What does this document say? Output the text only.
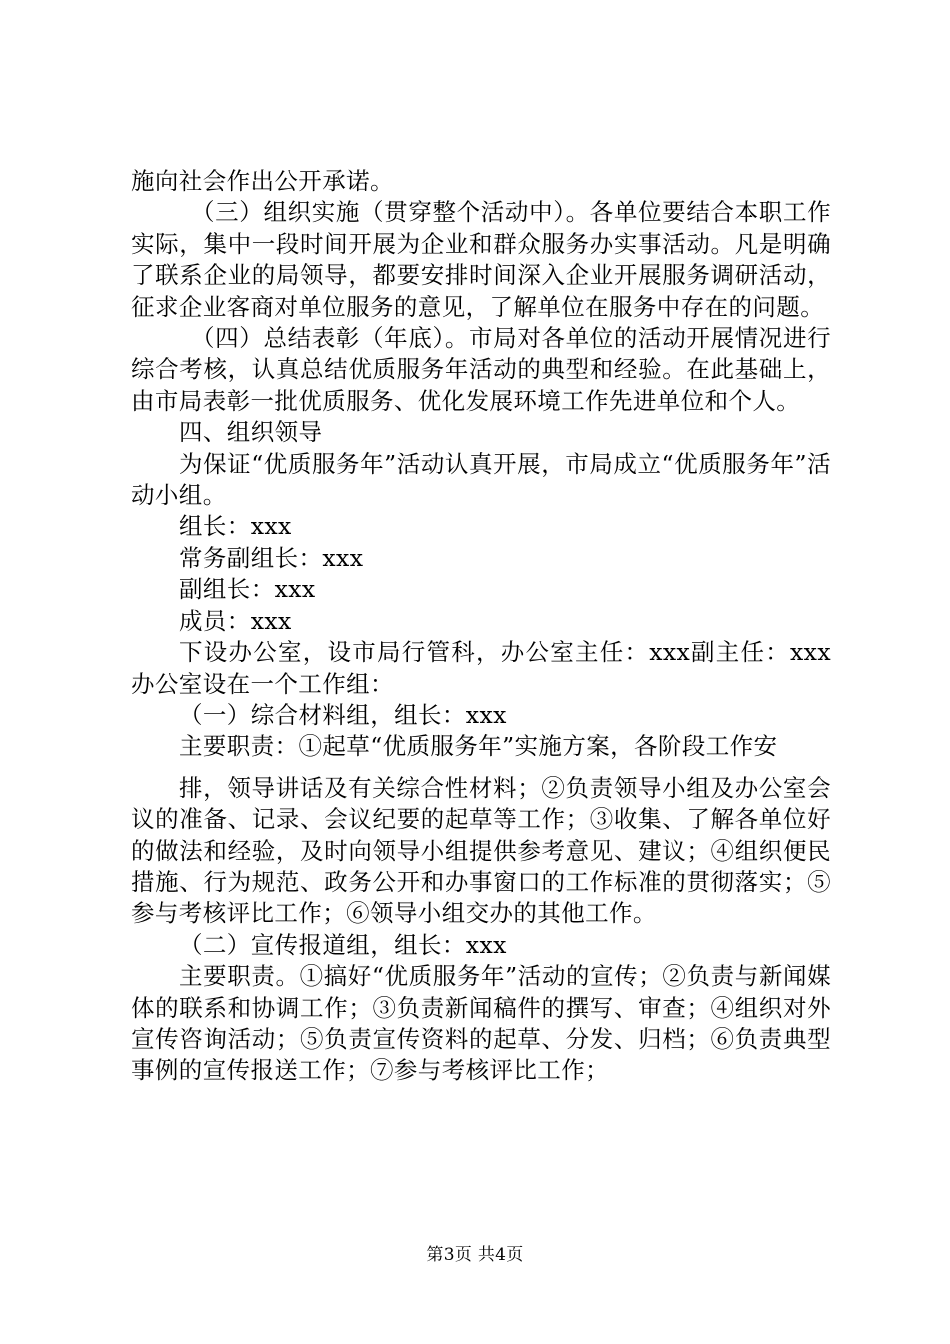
施向社会作出公开承诺。

（三）组织实施（贯穿整个活动中）。各单位要结合本职工作实际，集中一段时间开展为企业和群众服务办实事活动。凡是明确了联系企业的局领导，都要安排时间深入企业开展服务调研活动，征求企业客商对单位服务的意见，了解单位在服务中存在的问题。

（四）总结表彰（年底）。市局对各单位的活动开展情况进行综合考核，认真总结优质服务年活动的典型和经验。在此基础上，由市局表彰一批优质服务、优化发展环境工作先进单位和个人。

四、组织领导

为保证“优质服务年”活动认真开展，市局成立“优质服务年”活动小组。

组长：xxx

常务副组长：xxx

副组长：xxx

成员：xxx

下设办公室，设市局行管科，办公室主任：xxx副主任：xxx办公室设在一个工作组：

（一）综合材料组，组长：xxx

主要职责：①起草“优质服务年”实施方案，各阶段工作安

排，领导讲话及有关综合性材料；②负责领导小组及办公室会议的准备、记录、会议纪要的起草等工作；③收集、了解各单位好的做法和经验，及时向领导小组提供参考意见、建议；④组织便民措施、行为规范、政务公开和办事窗口的工作标准的贯彻落实；⑤参与考核评比工作；⑥领导小组交办的其他工作。

（二）宣传报道组，组长：xxx

主要职责。①搞好“优质服务年”活动的宣传；②负责与新闻媒体的联系和协调工作；③负责新闻稿件的撰写、审查；④组织对外宣传咨询活动；⑤负责宣传资料的起草、分发、归档；⑥负责典型事例的宣传报送工作；⑦参与考核评比工作；

第3页 共4页
